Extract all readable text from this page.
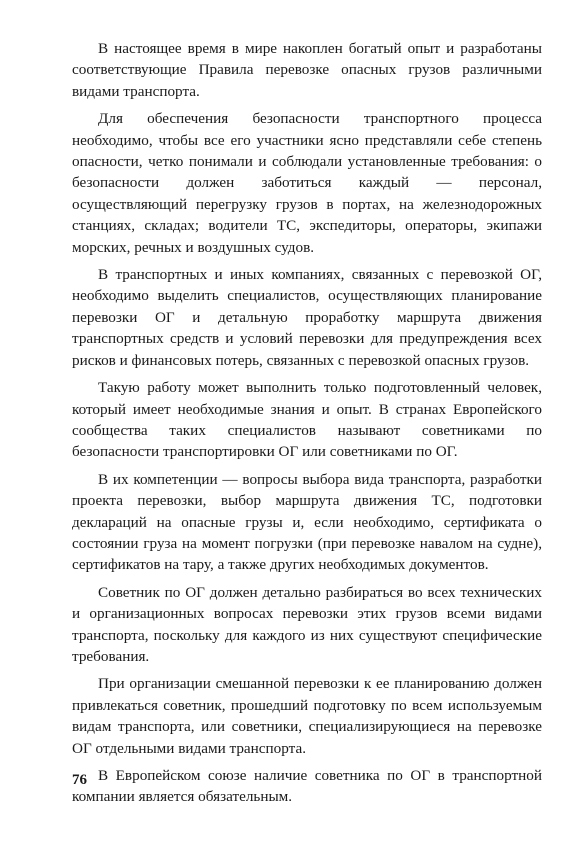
В настоящее время в мире накоплен богатый опыт и разработаны соответствующие Правила перевозке опасных грузов различными видами транспорта.

Для обеспечения безопасности транспортного процесса необходимо, чтобы все его участники ясно представляли себе степень опасности, четко понимали и соблюдали установленные требования: о безопасности должен заботиться каждый — персонал, осуществляющий перегрузку грузов в портах, на железнодорожных станциях, складах; водители ТС, экспедиторы, операторы, экипажи морских, речных и воздушных судов.

В транспортных и иных компаниях, связанных с перевозкой ОГ, необходимо выделить специалистов, осуществляющих планирование перевозки ОГ и детальную проработку маршрута движения транспортных средств и условий перевозки для предупреждения всех рисков и финансовых потерь, связанных с перевозкой опасных грузов.

Такую работу может выполнить только подготовленный человек, который имеет необходимые знания и опыт. В странах Европейского сообщества таких специалистов называют советниками по безопасности транспортировки ОГ или советниками по ОГ.

В их компетенции — вопросы выбора вида транспорта, разработки проекта перевозки, выбор маршрута движения ТС, подготовки деклараций на опасные грузы и, если необходимо, сертификата о состоянии груза на момент погрузки (при перевозке навалом на судне), сертификатов на тару, а также других необходимых документов.

Советник по ОГ должен детально разбираться во всех технических и организационных вопросах перевозки этих грузов всеми видами транспорта, поскольку для каждого из них существуют специфические требования.

При организации смешанной перевозки к ее планированию должен привлекаться советник, прошедший подготовку по всем используемым видам транспорта, или советники, специализирующиеся на перевозке ОГ отдельными видами транспорта.

В Европейском союзе наличие советника по ОГ в транспортной компании является обязательным.

76
